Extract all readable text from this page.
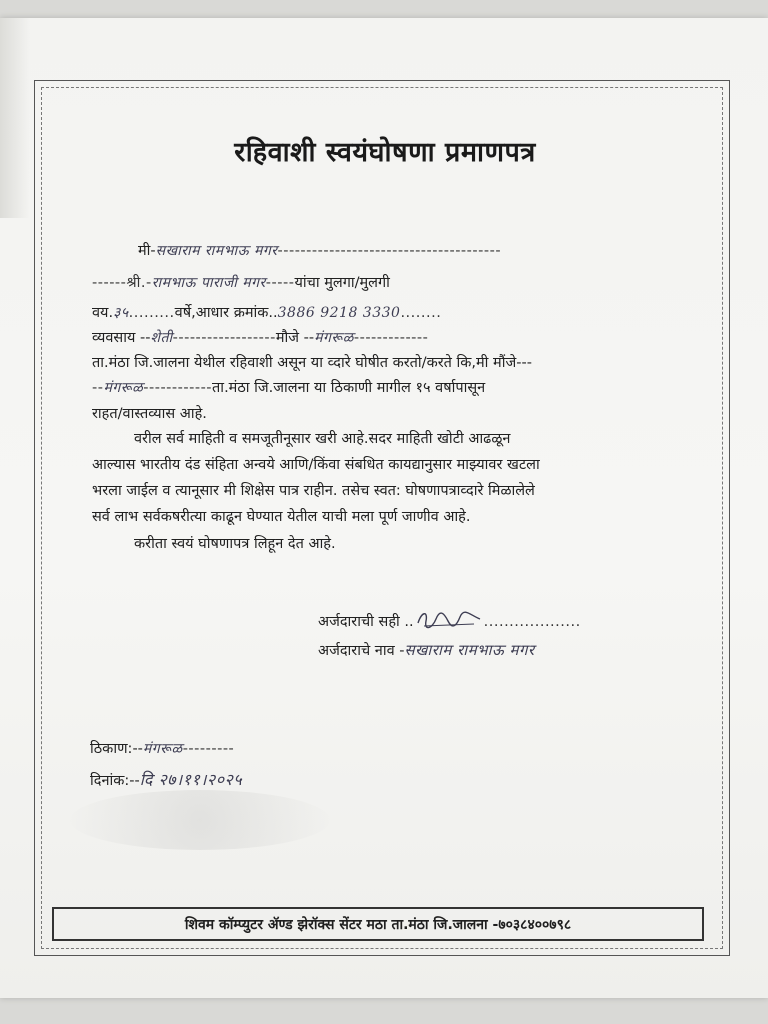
रहिवाशी स्वयंघोषणा प्रमाणपत्र
मी-सखाराम रामभाऊ मगर---------------------------------------
------श्री.-रामभाऊ पाराजी मगर-----यांचा मुलगा/मुलगी
वय.३५.........वर्षे,आधार क्रमांक..3886 9218 3330........
व्यवसाय --शेती------------------मौजे --मंगरूळ-------------
ता.मंठा जि.जालना येथील रहिवाशी असून या व्दारे घोषीत करतो/करते कि,मी मौंजे---
--मंगरूळ------------ता.मंठा जि.जालना या ठिकाणी मागील १५ वर्षापासून
राहत/वास्तव्यास आहे.
वरील सर्व माहिती व समजूतीनूसार खरी आहे.सदर माहिती खोटी आढळून
आल्यास भारतीय दंड संहिता अन्वये आणि/किंवा संबधित कायद्यानुसार माझ्यावर खटला
भरला जाईल व त्यानूसार मी शिक्षेस पात्र राहीन. तसेच स्वत: घोषणापत्राव्दारे मिळालेले
सर्व लाभ सर्वकषरीत्या काढून घेण्यात येतील याची मला पूर्ण जाणीव आहे.
करीता स्वयं घोषणापत्र लिहून देत आहे.
अर्जदाराची सही ..	...................
अर्जदाराचे नाव -सखाराम रामभाऊ मगर
ठिकाण:--मंगरूळ---------
दिनांक:--दि २७।११।२०२५
शिवम कॉम्प्युटर ॲण्ड झेरॉक्स सेंटर मठा ता.मंठा जि.जालना -७०३८४००७९८
